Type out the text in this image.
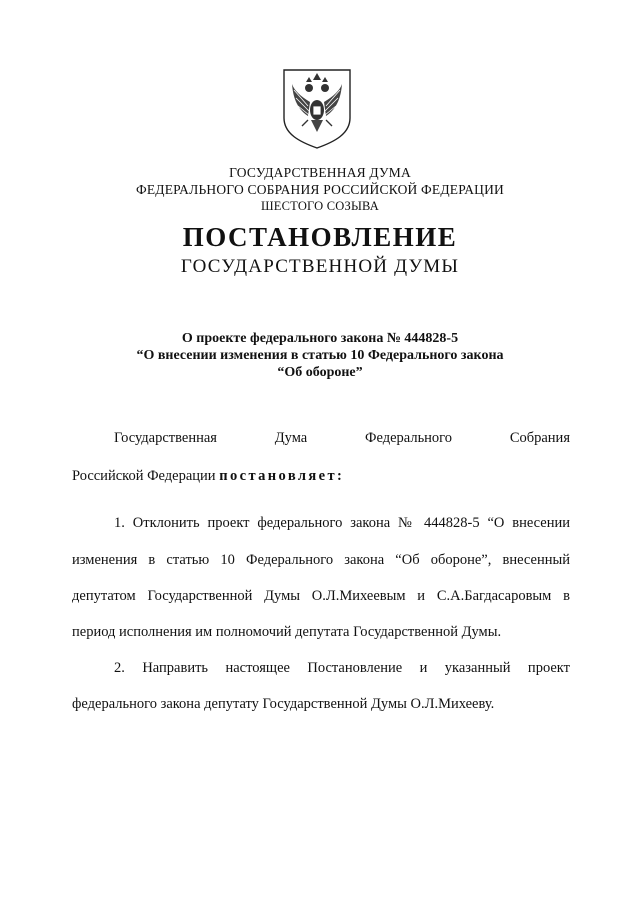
ГОСУДАРСТВЕННАЯ ДУМА
ФЕДЕРАЛЬНОГО СОБРАНИЯ РОССИЙСКОЙ ФЕДЕРАЦИИ
ШЕСТОГО СОЗЫВА
ПОСТАНОВЛЕНИЕ
ГОСУДАРСТВЕННОЙ ДУМЫ
О проекте федерального закона № 444828-5
“О внесении изменения в статью 10 Федерального закона
“Об обороне”
Государственная	Дума	Федерального	Собрания
Российской Федерации постановляет:
1. Отклонить проект федерального закона № 444828-5 “О внесении
изменения в статью 10 Федерального закона “Об обороне”, внесенный
депутатом Государственной Думы О.Л.Михеевым и С.А.Багдасаровым в
период исполнения им полномочий депутата Государственной Думы.
2. Направить настоящее Постановление и указанный проект
федерального закона депутату Государственной Думы О.Л.Михееву.
